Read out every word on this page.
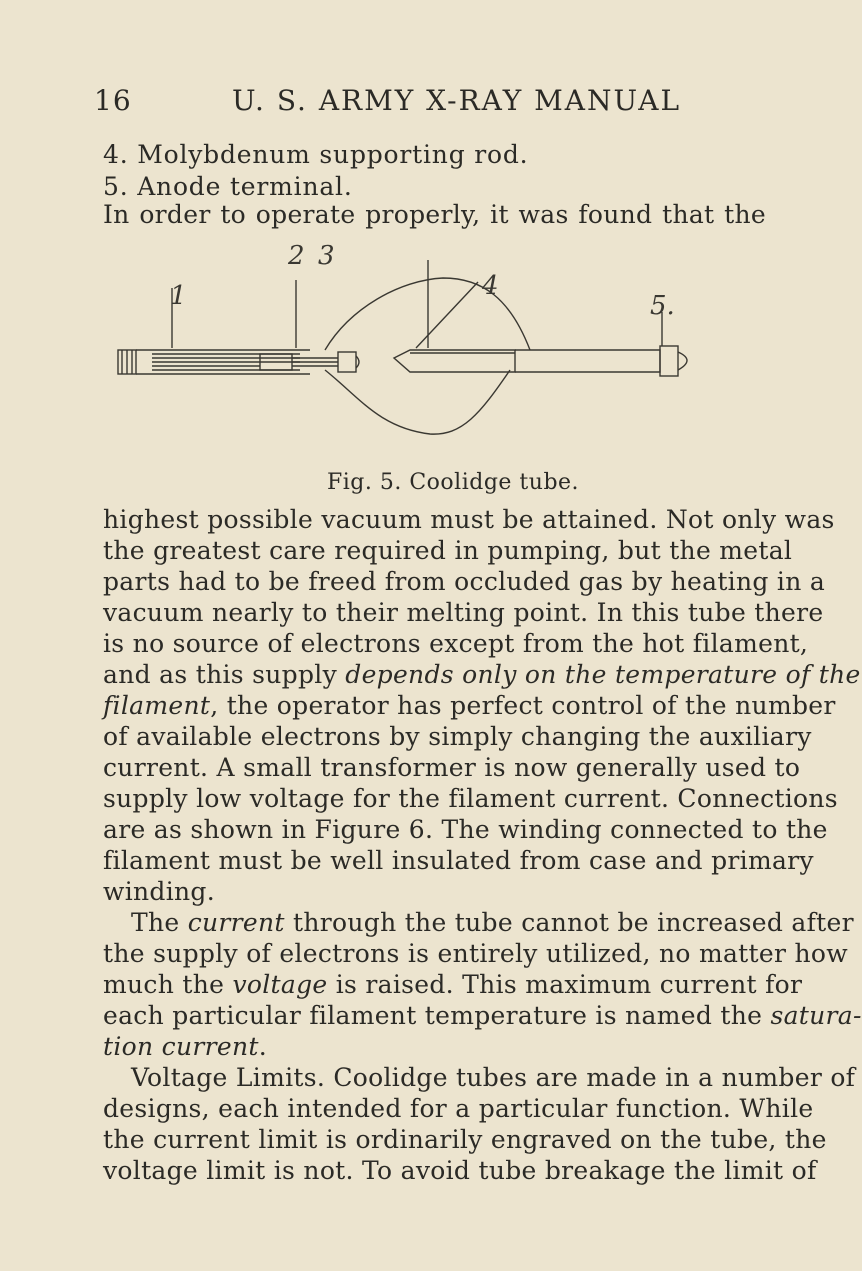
16	U. S. ARMY X-RAY MANUAL
4. Molybdenum supporting rod.
5. Anode terminal.
In order to operate properly, it was found that the
1
2 3
4
5.
Fig. 5. Coolidge tube.
highest possible vacuum must be attained. Not only was
the greatest care required in pumping, but the metal
parts had to be freed from occluded gas by heating in a
vacuum nearly to their melting point. In this tube there
is no source of electrons except from the hot filament,
and as this supply depends only on the temperature of the
filament, the operator has perfect control of the number
of available electrons by simply changing the auxiliary
current. A small transformer is now generally used to
supply low voltage for the filament current. Connections
are as shown in Figure 6. The winding connected to the
filament must be well insulated from case and primary
winding.
The current through the tube cannot be increased after
the supply of electrons is entirely utilized, no matter how
much the voltage is raised. This maximum current for
each particular filament temperature is named the satura-
tion current.
Voltage Limits. Coolidge tubes are made in a number of
designs, each intended for a particular function. While
the current limit is ordinarily engraved on the tube, the
voltage limit is not. To avoid tube breakage the limit of
